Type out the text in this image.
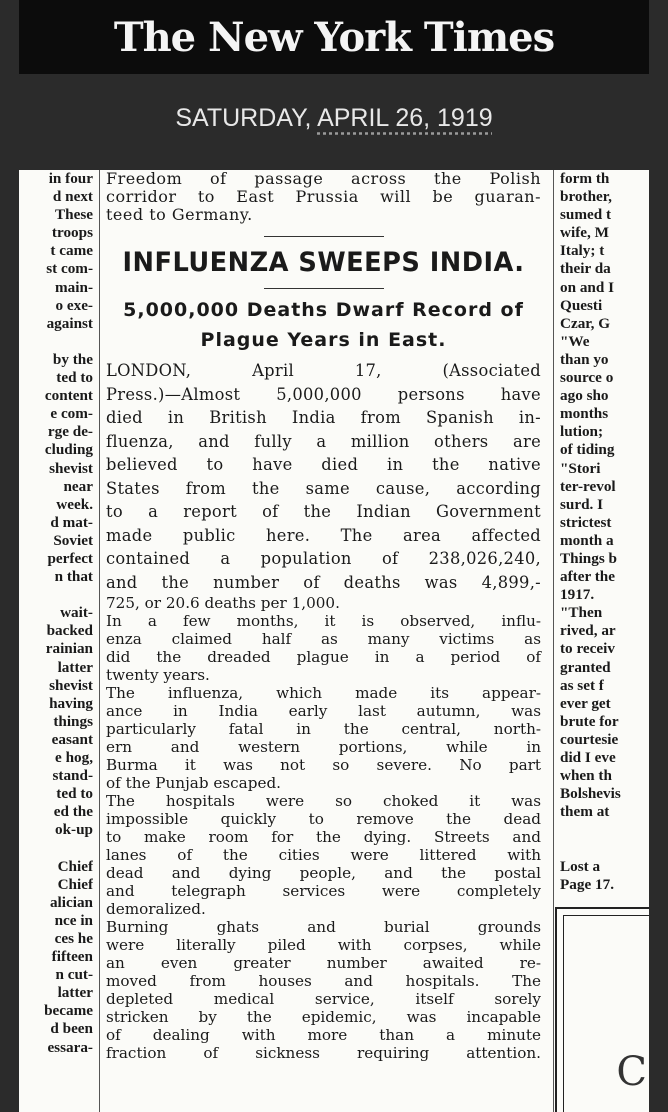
The New York Times
SATURDAY, APRIL 26, 1919
in four
d next
These
troops
t came
st com-
main-
o exe-
against

by the
ted to
content
e com-
rge de-
cluding
shevist
near
week.
d mat-
Soviet
perfect
n that

wait-
backed
rainian
latter
shevist
having
things
easant
e hog,
stand-
ted to
ed the
ok-up

Chief
Chief
alician
nce in
ces he
fifteen
n cut-
latter
became
d been
essara-
Freedom of passage across the Polish
corridor to East Prussia will be guaran-
teed to Germany.
INFLUENZA SWEEPS INDIA.
5,000,000 Deaths Dwarf Record of
Plague Years in East.
LONDON, April 17, (Associated
Press.)—Almost 5,000,000 persons have
died in British India from Spanish in-
fluenza, and fully a million others are
believed to have died in the native
States from the same cause, according
to a report of the Indian Government
made public here. The area affected
contained a population of 238,026,240,
and the number of deaths was 4,899,-
725, or 20.6 deaths per 1,000.
In a few months, it is observed, influ-
enza claimed half as many victims as
did the dreaded plague in a period of
twenty years.
The influenza, which made its appear-
ance in India early last autumn, was
particularly fatal in the central, north-
ern and western portions, while in
Burma it was not so severe. No part
of the Punjab escaped.
The hospitals were so choked it was
impossible quickly to remove the dead
to make room for the dying. Streets and
lanes of the cities were littered with
dead and dying people, and the postal
and telegraph services were completely
demoralized.
Burning ghats and burial grounds
were literally piled with corpses, while
an even greater number awaited re-
moved from houses and hospitals. The
depleted medical service, itself sorely
stricken by the epidemic, was incapable
of dealing with more than a minute
fraction of sickness requiring attention.
form th
brother,
sumed t
wife, M
Italy; t
their da
on and I
Questi
Czar, G
"We
than yo
source o
ago sho
months
lution;
of tiding
"Stori
ter-revol
surd. I
strictest
month a
Things b
after the
1917.
"Then
rived, ar
to receiv
granted
as set f
ever get
brute for
courtesie
did I eve
when th
Bolshevis
them at

Lost a
Page 17.
C
